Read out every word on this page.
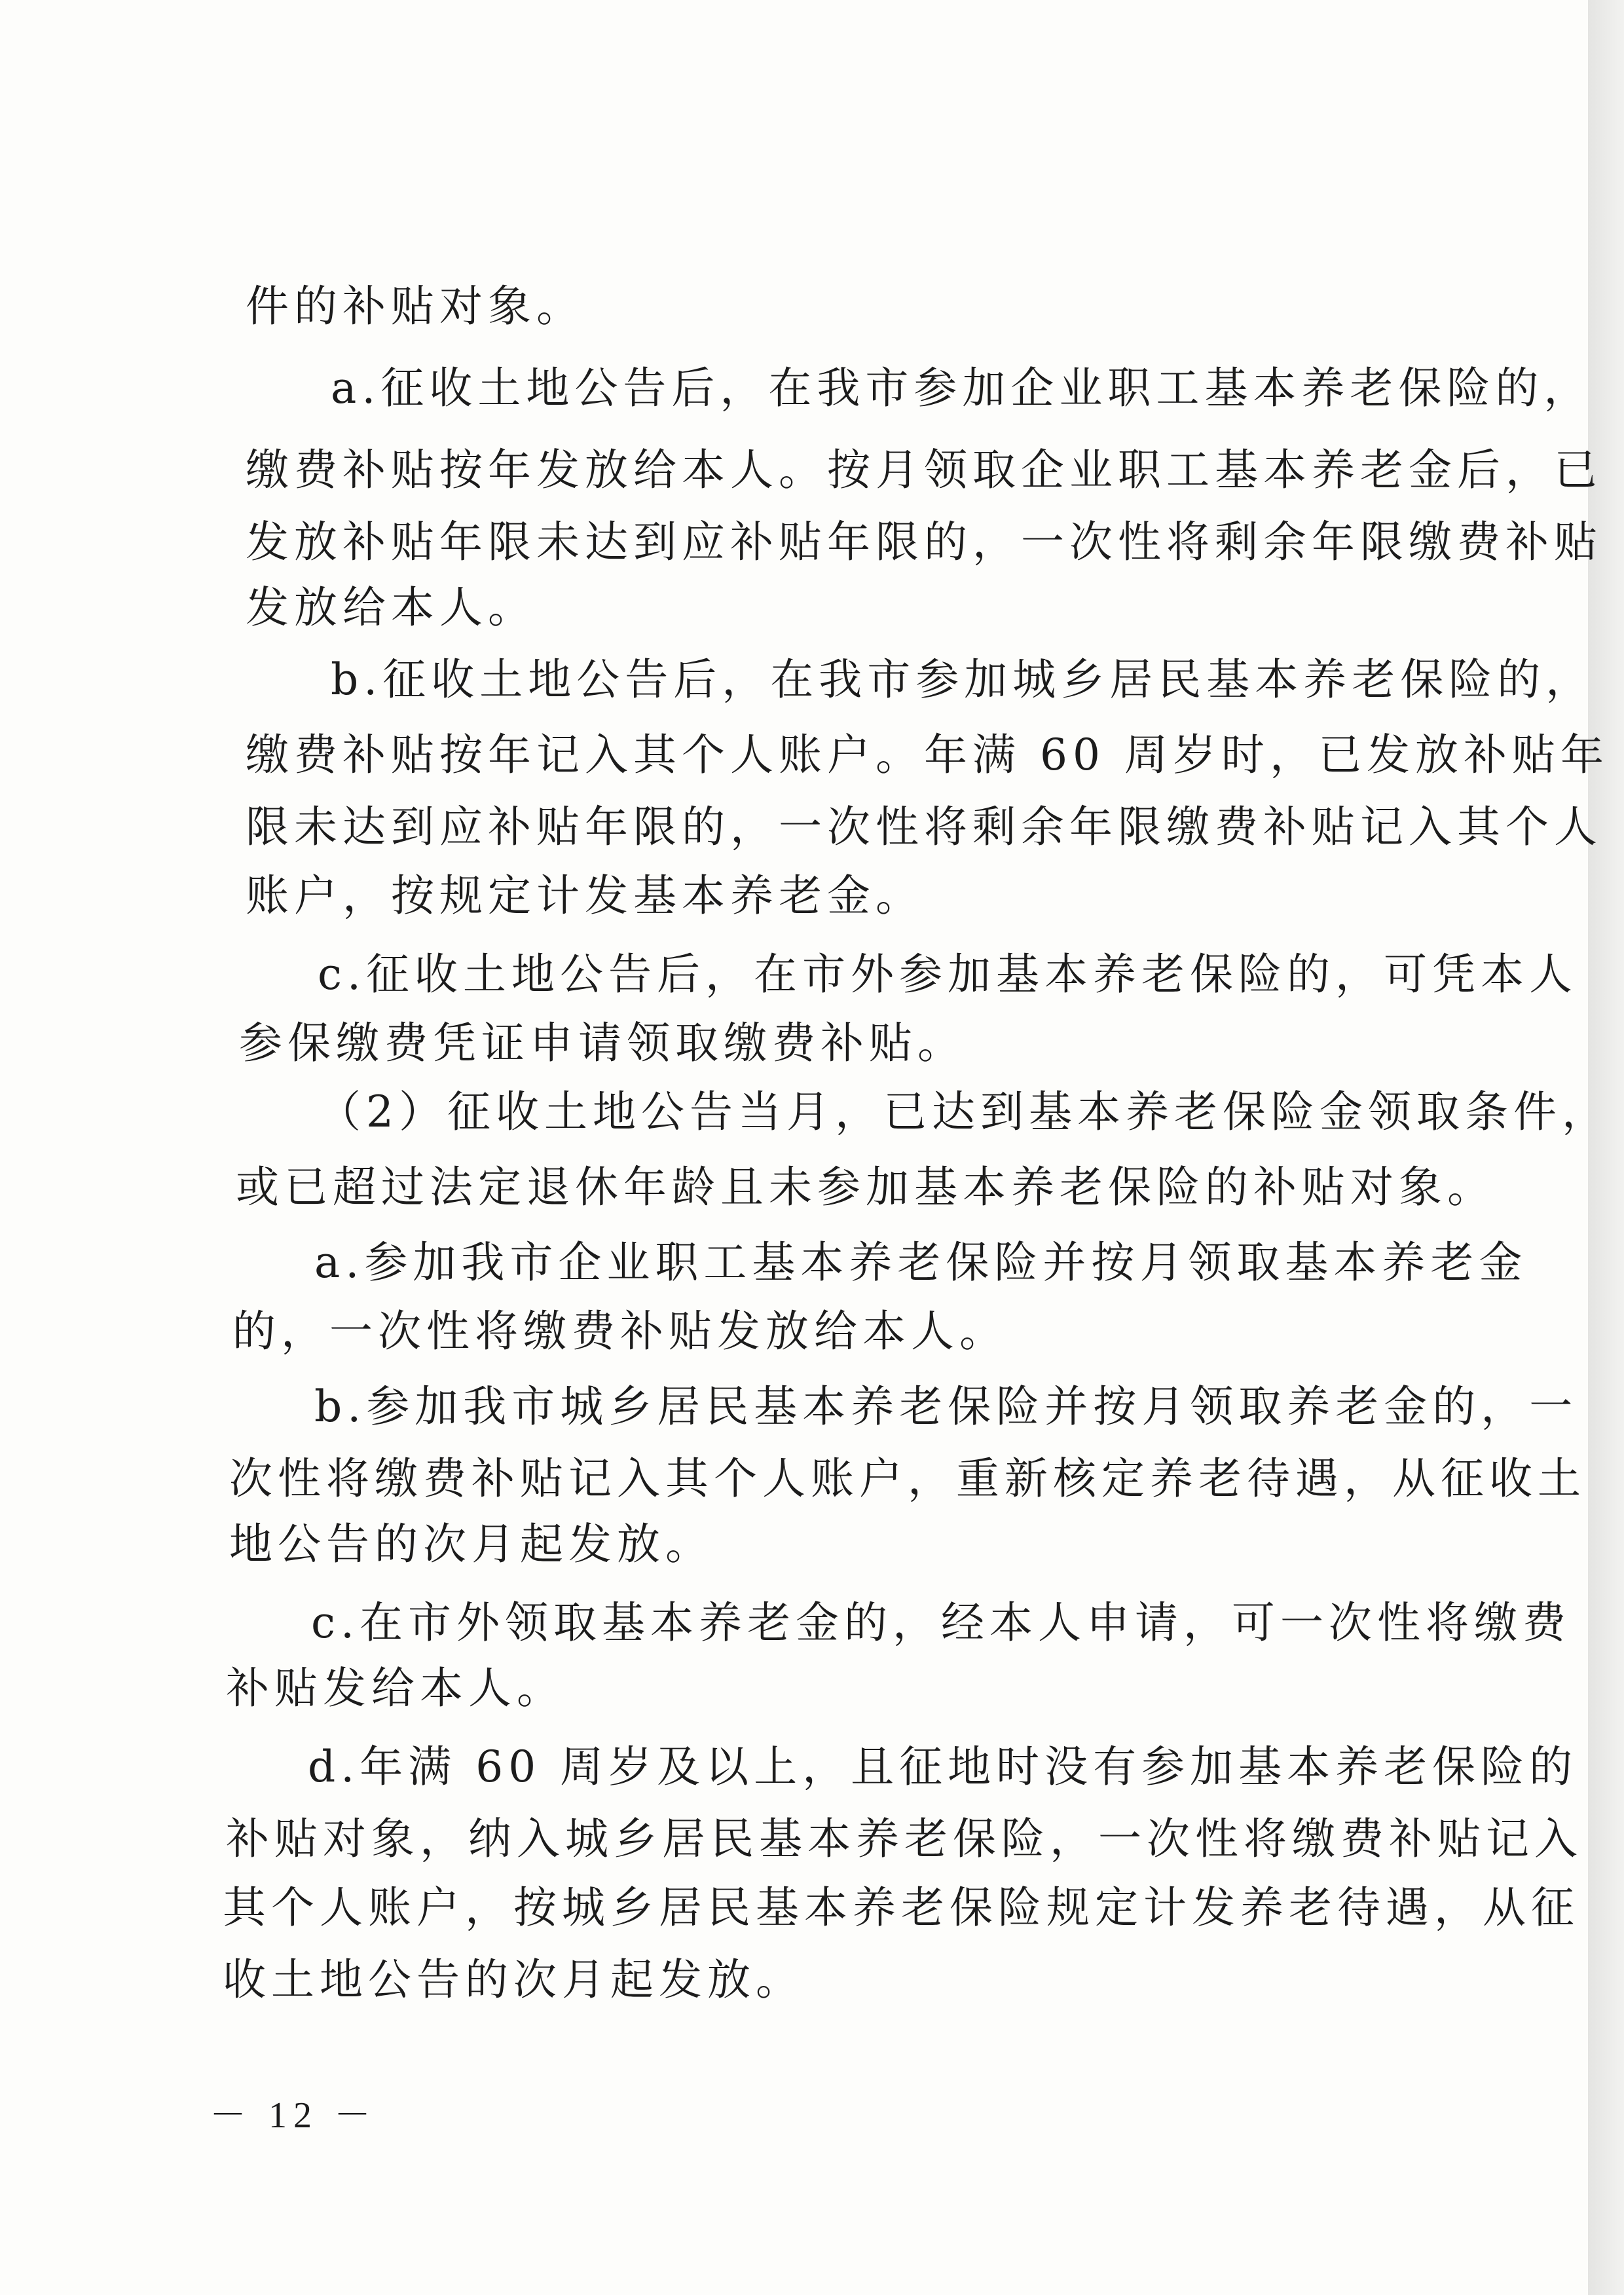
件的补贴对象。
a.征收土地公告后，在我市参加企业职工基本养老保险的，
缴费补贴按年发放给本人。按月领取企业职工基本养老金后，已
发放补贴年限未达到应补贴年限的，一次性将剩余年限缴费补贴
发放给本人。
b.征收土地公告后，在我市参加城乡居民基本养老保险的，
缴费补贴按年记入其个人账户。年满 60 周岁时，已发放补贴年
限未达到应补贴年限的，一次性将剩余年限缴费补贴记入其个人
账户，按规定计发基本养老金。
c.征收土地公告后，在市外参加基本养老保险的，可凭本人
参保缴费凭证申请领取缴费补贴。
（2）征收土地公告当月，已达到基本养老保险金领取条件，
或已超过法定退休年龄且未参加基本养老保险的补贴对象。
a.参加我市企业职工基本养老保险并按月领取基本养老金
的，一次性将缴费补贴发放给本人。
b.参加我市城乡居民基本养老保险并按月领取养老金的，一
次性将缴费补贴记入其个人账户，重新核定养老待遇，从征收土
地公告的次月起发放。
c.在市外领取基本养老金的，经本人申请，可一次性将缴费
补贴发给本人。
d.年满 60 周岁及以上，且征地时没有参加基本养老保险的
补贴对象，纳入城乡居民基本养老保险，一次性将缴费补贴记入
其个人账户，按城乡居民基本养老保险规定计发养老待遇，从征
收土地公告的次月起发放。
－ 12 －
